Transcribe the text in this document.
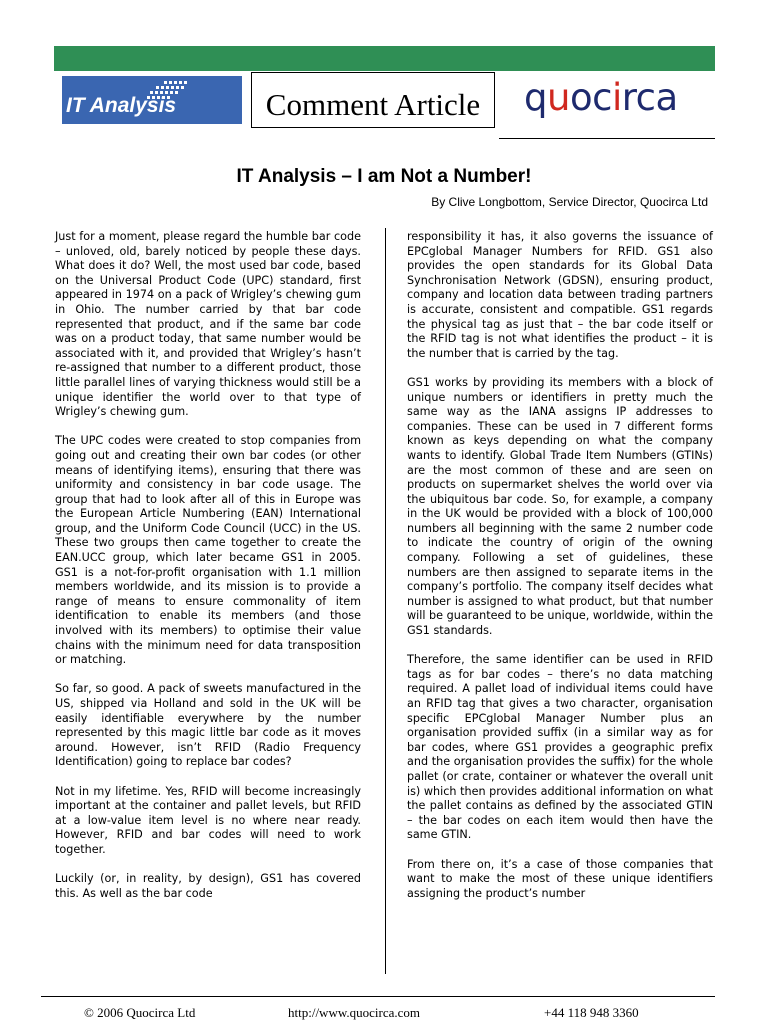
IT Analysis	Comment Article	quocirca
IT Analysis – I am Not a Number!
By Clive Longbottom, Service Director, Quocirca Ltd

Just for a moment, please regard the humble bar code – unloved, old, barely noticed by people these days. What does it do? Well, the most used bar code, based on the Universal Product Code (UPC) standard, first appeared in 1974 on a pack of Wrigley’s chewing gum in Ohio. The number carried by that bar code represented that product, and if the same bar code was on a product today, that same number would be associated with it, and provided that Wrigley’s hasn’t re-assigned that number to a different product, those little parallel lines of varying thickness would still be a unique identifier the world over to that type of Wrigley’s chewing gum.

The UPC codes were created to stop companies from going out and creating their own bar codes (or other means of identifying items), ensuring that there was uniformity and consistency in bar code usage. The group that had to look after all of this in Europe was the European Article Numbering (EAN) International group, and the Uniform Code Council (UCC) in the US. These two groups then came together to create the EAN.UCC group, which later became GS1 in 2005. GS1 is a not-for-profit organisation with 1.1 million members worldwide, and its mission is to provide a range of means to ensure commonality of item identification to enable its members (and those involved with its members) to optimise their value chains with the minimum need for data transposition or matching.

So far, so good. A pack of sweets manufactured in the US, shipped via Holland and sold in the UK will be easily identifiable everywhere by the number represented by this magic little bar code as it moves around. However, isn’t RFID (Radio Frequency Identification) going to replace bar codes?

Not in my lifetime. Yes, RFID will become increasingly important at the container and pallet levels, but RFID at a low-value item level is no where near ready. However, RFID and bar codes will need to work together.

Luckily (or, in reality, by design), GS1 has covered this. As well as the bar code

responsibility it has, it also governs the issuance of EPCglobal Manager Numbers for RFID. GS1 also provides the open standards for its Global Data Synchronisation Network (GDSN), ensuring product, company and location data between trading partners is accurate, consistent and compatible. GS1 regards the physical tag as just that – the bar code itself or the RFID tag is not what identifies the product – it is the number that is carried by the tag.

GS1 works by providing its members with a block of unique numbers or identifiers in pretty much the same way as the IANA assigns IP addresses to companies. These can be used in 7 different forms known as keys depending on what the company wants to identify. Global Trade Item Numbers (GTINs) are the most common of these and are seen on products on supermarket shelves the world over via the ubiquitous bar code. So, for example, a company in the UK would be provided with a block of 100,000 numbers all beginning with the same 2 number code to indicate the country of origin of the owning company. Following a set of guidelines, these numbers are then assigned to separate items in the company’s portfolio. The company itself decides what number is assigned to what product, but that number will be guaranteed to be unique, worldwide, within the GS1 standards.

Therefore, the same identifier can be used in RFID tags as for bar codes – there’s no data matching required. A pallet load of individual items could have an RFID tag that gives a two character, organisation specific EPCglobal Manager Number plus an organisation provided suffix (in a similar way as for bar codes, where GS1 provides a geographic prefix and the organisation provides the suffix) for the whole pallet (or crate, container or whatever the overall unit is) which then provides additional information on what the pallet contains as defined by the associated GTIN – the bar codes on each item would then have the same GTIN.

From there on, it’s a case of those companies that want to make the most of these unique identifiers assigning the product’s number

© 2006 Quocirca Ltd	http://www.quocirca.com	+44 118 948 3360
